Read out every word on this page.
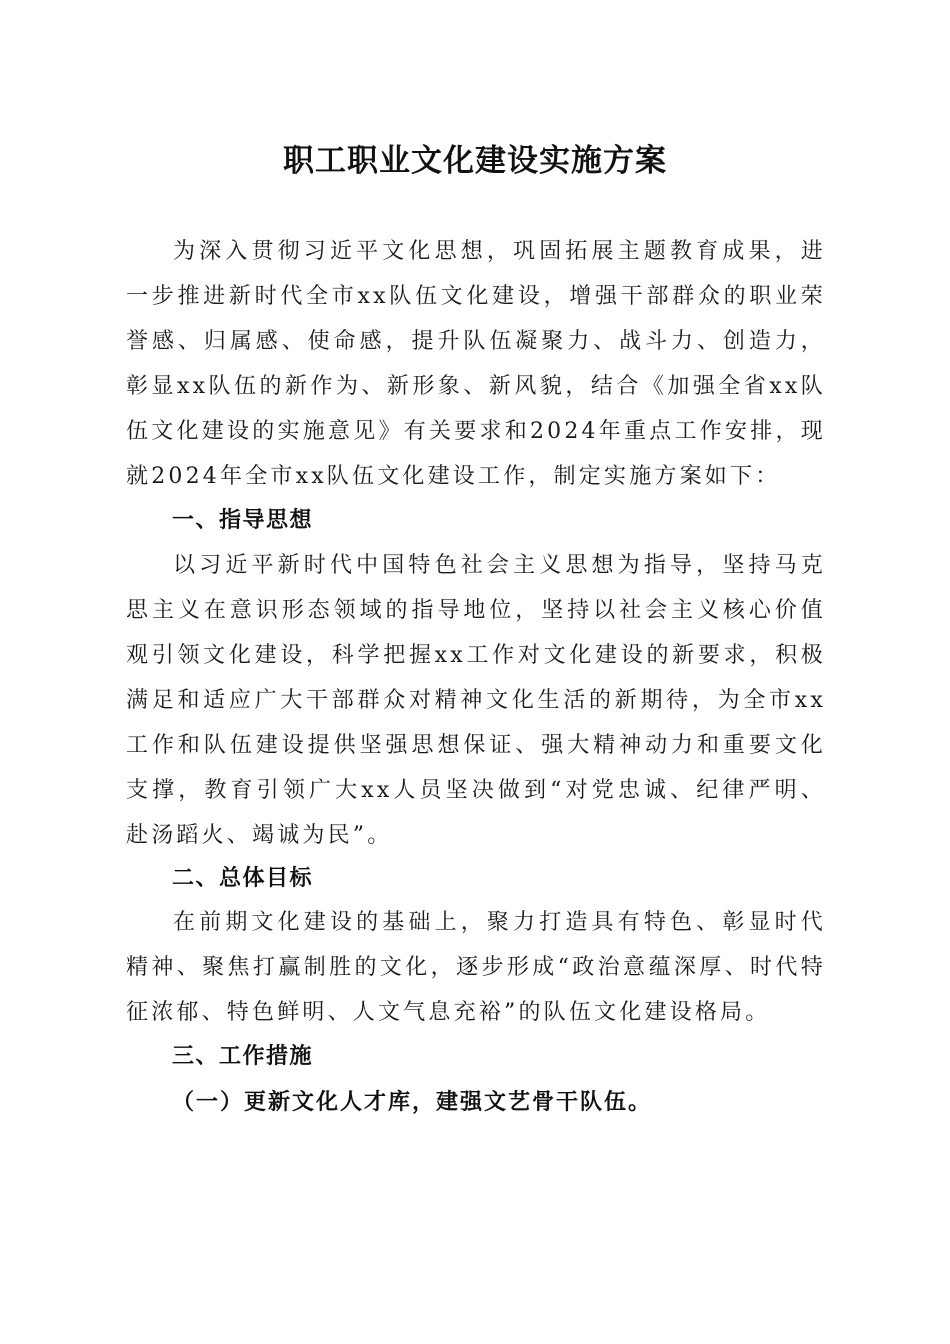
职工职业文化建设实施方案

为深入贯彻习近平文化思想，巩固拓展主题教育成果，进一步推进新时代全市xx队伍文化建设，增强干部群众的职业荣誉感、归属感、使命感，提升队伍凝聚力、战斗力、创造力，彰显xx队伍的新作为、新形象、新风貌，结合《加强全省xx队伍文化建设的实施意见》有关要求和2024年重点工作安排，现就2024年全市xx队伍文化建设工作，制定实施方案如下：

一、指导思想

以习近平新时代中国特色社会主义思想为指导，坚持马克思主义在意识形态领域的指导地位，坚持以社会主义核心价值观引领文化建设，科学把握xx工作对文化建设的新要求，积极满足和适应广大干部群众对精神文化生活的新期待，为全市xx工作和队伍建设提供坚强思想保证、强大精神动力和重要文化支撑，教育引领广大xx人员坚决做到“对党忠诚、纪律严明、赴汤蹈火、竭诚为民”。

二、总体目标

在前期文化建设的基础上，聚力打造具有特色、彰显时代精神、聚焦打赢制胜的文化，逐步形成“政治意蕴深厚、时代特征浓郁、特色鲜明、人文气息充裕”的队伍文化建设格局。

三、工作措施
（一）更新文化人才库，建强文艺骨干队伍。
